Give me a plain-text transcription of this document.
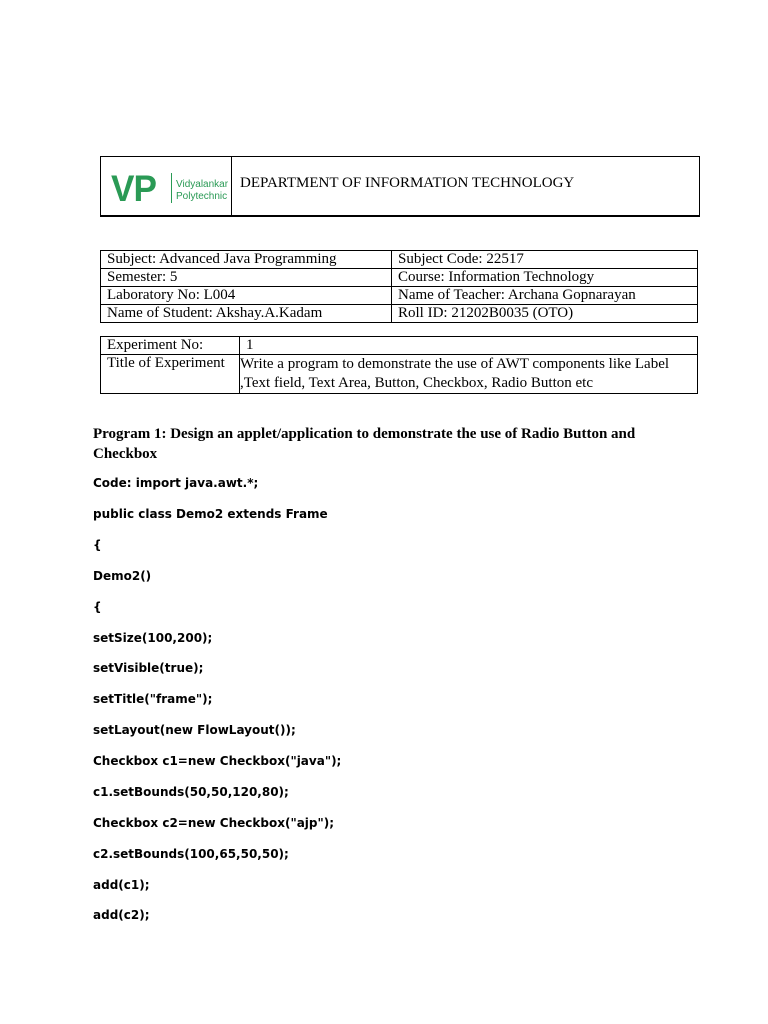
VP Vidyalankar
Polytechnic
DEPARTMENT OF INFORMATION TECHNOLOGY
Subject: Advanced Java Programming	Subject Code: 22517
Semester: 5	Course: Information Technology
Laboratory No: L004	Name of Teacher: Archana Gopnarayan
Name of Student: Akshay.A.Kadam	Roll ID: 21202B0035 (OTO)
Experiment No:	1
Title of Experiment	Write a program to demonstrate the use of AWT components like Label ,Text field, Text Area, Button, Checkbox, Radio Button etc
Program 1: Design an applet/application to demonstrate the use of Radio Button and Checkbox
Code: import java.awt.*;
public class Demo2 extends Frame
{
Demo2()
{
setSize(100,200);
setVisible(true);
setTitle("frame");
setLayout(new FlowLayout());
Checkbox c1=new Checkbox("java");
c1.setBounds(50,50,120,80);
Checkbox c2=new Checkbox("ajp");
c2.setBounds(100,65,50,50);
add(c1);
add(c2);
